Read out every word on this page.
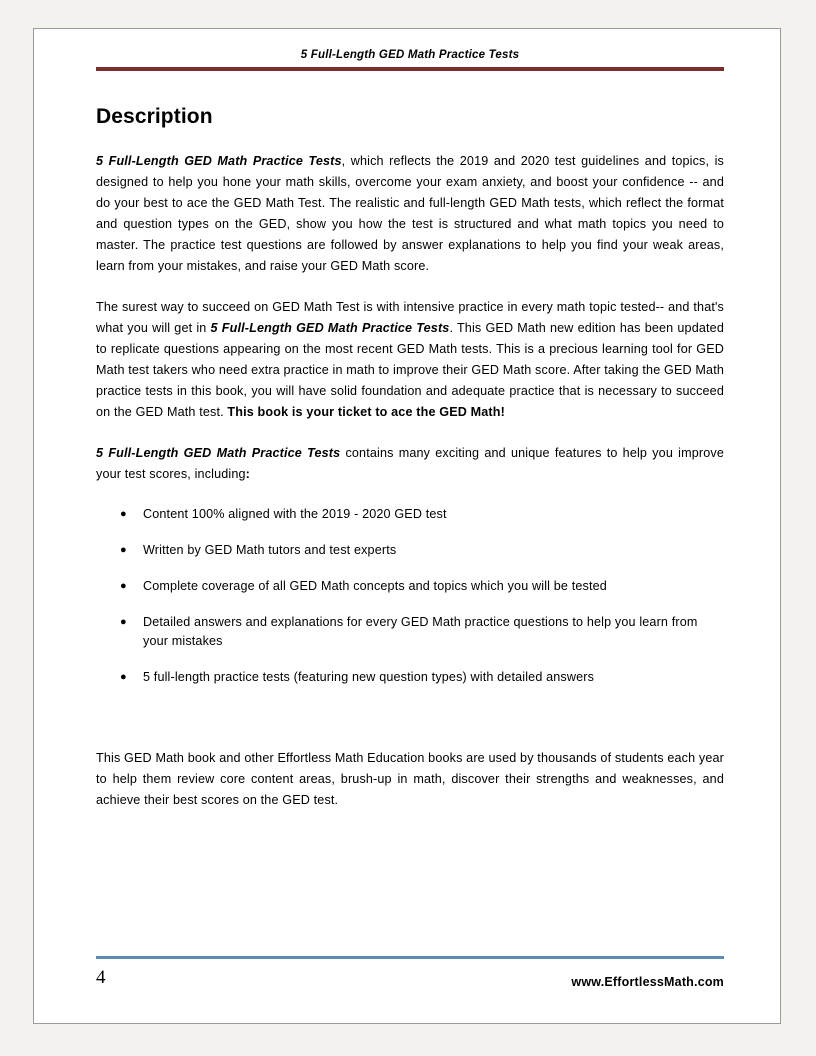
5 Full-Length GED Math Practice Tests
Description

5 Full-Length GED Math Practice Tests, which reflects the 2019 and 2020 test guidelines and topics, is designed to help you hone your math skills, overcome your exam anxiety, and boost your confidence -- and do your best to ace the GED Math Test. The realistic and full-length GED Math tests, which reflect the format and question types on the GED, show you how the test is structured and what math topics you need to master. The practice test questions are followed by answer explanations to help you find your weak areas, learn from your mistakes, and raise your GED Math score.

The surest way to succeed on GED Math Test is with intensive practice in every math topic tested-- and that's what you will get in 5 Full-Length GED Math Practice Tests. This GED Math new edition has been updated to replicate questions appearing on the most recent GED Math tests. This is a precious learning tool for GED Math test takers who need extra practice in math to improve their GED Math score. After taking the GED Math practice tests in this book, you will have solid foundation and adequate practice that is necessary to succeed on the GED Math test. This book is your ticket to ace the GED Math!

5 Full-Length GED Math Practice Tests contains many exciting and unique features to help you improve your test scores, including:

● Content 100% aligned with the 2019 - 2020 GED test
● Written by GED Math tutors and test experts
● Complete coverage of all GED Math concepts and topics which you will be tested
● Detailed answers and explanations for every GED Math practice questions to help you learn from your mistakes
● 5 full-length practice tests (featuring new question types) with detailed answers

This GED Math book and other Effortless Math Education books are used by thousands of students each year to help them review core content areas, brush-up in math, discover their strengths and weaknesses, and achieve their best scores on the GED test.

4	www.EffortlessMath.com
